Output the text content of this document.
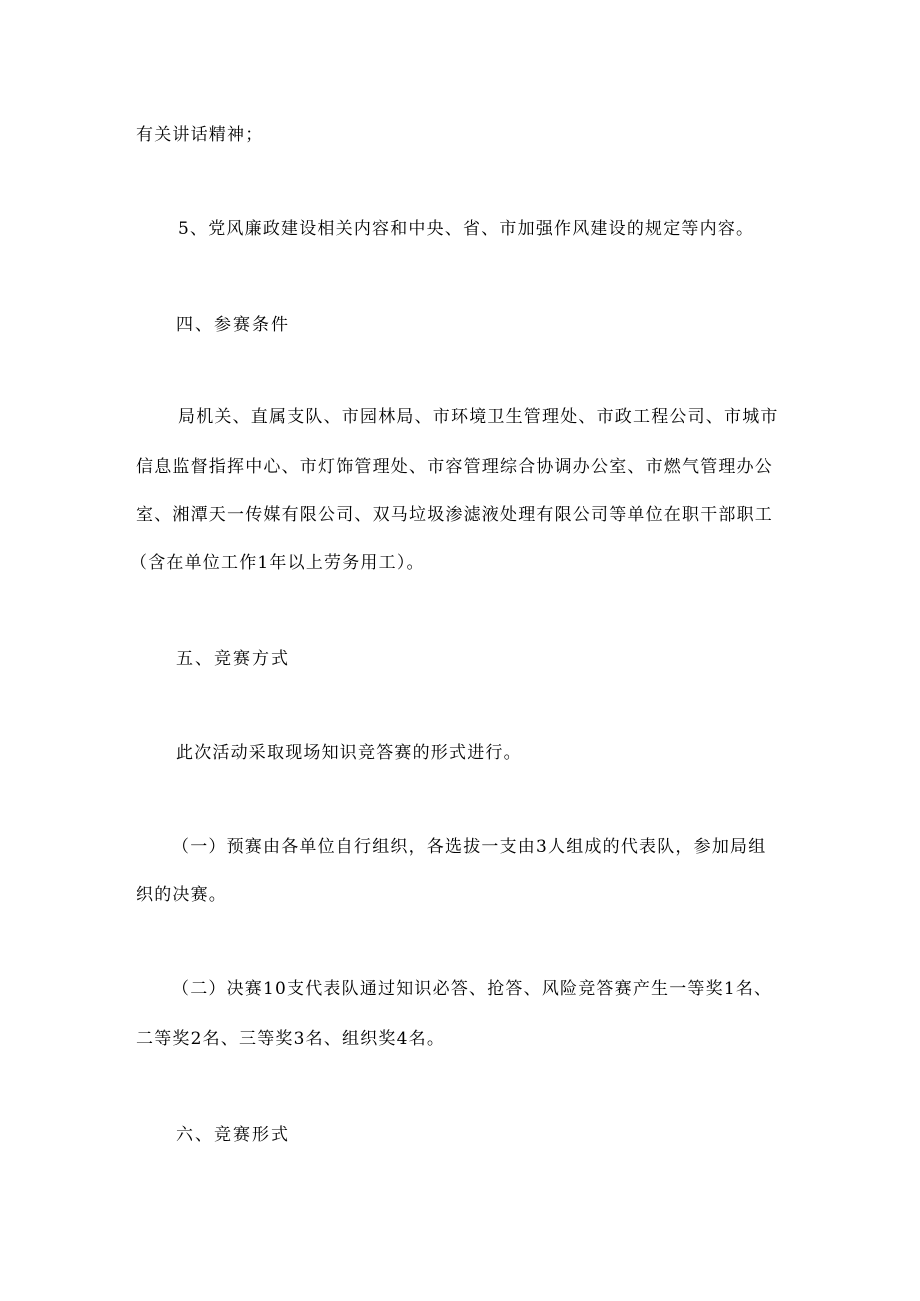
有关讲话精神；
5、党风廉政建设相关内容和中央、省、市加强作风建设的规定等内容。
四、参赛条件
局机关、直属支队、市园林局、市环境卫生管理处、市政工程公司、市城市
信息监督指挥中心、市灯饰管理处、市容管理综合协调办公室、市燃气管理办公
室、湘潭天一传媒有限公司、双马垃圾渗滤液处理有限公司等单位在职干部职工
（含在单位工作1年以上劳务用工）。
五、竞赛方式
此次活动采取现场知识竞答赛的形式进行。
（一）预赛由各单位自行组织，各选拔一支由3人组成的代表队，参加局组
织的决赛。
（二）决赛10支代表队通过知识必答、抢答、风险竞答赛产生一等奖1名、
二等奖2名、三等奖3名、组织奖4名。
六、竞赛形式
